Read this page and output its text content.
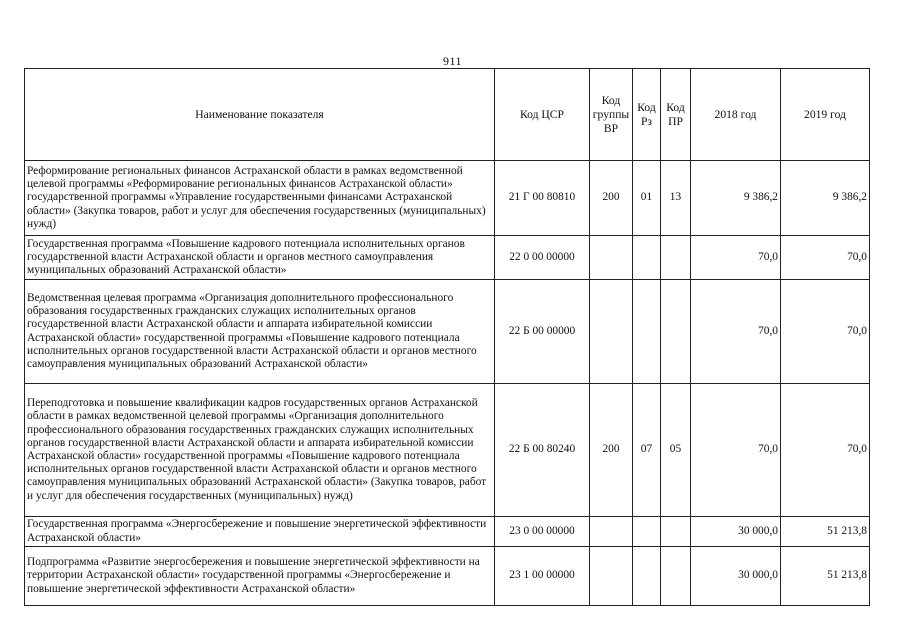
911
Наименование показателя	Код ЦСР	Код группы ВР	Код Рз	Код ПР	2018 год	2019 год
Реформирование региональных финансов Астраханской области в рамках ведомственной целевой программы «Реформирование региональных финансов Астраханской области» государственной программы «Управление государственными финансами Астраханской области» (Закупка товаров, работ и услуг для обеспечения государственных (муниципальных) нужд)	21 Г 00 80810	200	01	13	9 386,2	9 386,2
Государственная программа «Повышение кадрового потенциала исполнительных органов государственной власти Астраханской области и органов местного самоуправления муниципальных образований Астраханской области»	22 0 00 00000				70,0	70,0
Ведомственная целевая программа «Организация дополнительного профессионального образования государственных гражданских служащих исполнительных органов государственной власти Астраханской области и аппарата избирательной комиссии Астраханской области» государственной программы «Повышение кадрового потенциала исполнительных органов государственной власти Астраханской области и органов местного самоуправления муниципальных образований Астраханской области»	22 Б 00 00000				70,0	70,0
Переподготовка и повышение квалификации кадров государственных органов Астраханской области в рамках ведомственной целевой программы «Организация дополнительного профессионального образования государственных гражданских служащих исполнительных органов государственной власти Астраханской области и аппарата избирательной комиссии Астраханской области» государственной программы «Повышение кадрового потенциала исполнительных органов государственной власти Астраханской области и органов местного самоуправления муниципальных образований Астраханской области» (Закупка товаров, работ и услуг для обеспечения государственных (муниципальных) нужд)	22 Б 00 80240	200	07	05	70,0	70,0
Государственная программа «Энергосбережение и повышение энергетической эффективности Астраханской области»	23 0 00 00000				30 000,0	51 213,8
Подпрограмма «Развитие энергосбережения и повышение энергетической эффективности на территории Астраханской области» государственной программы «Энергосбережение и повышение энергетической эффективности Астраханской области»	23 1 00 00000				30 000,0	51 213,8
